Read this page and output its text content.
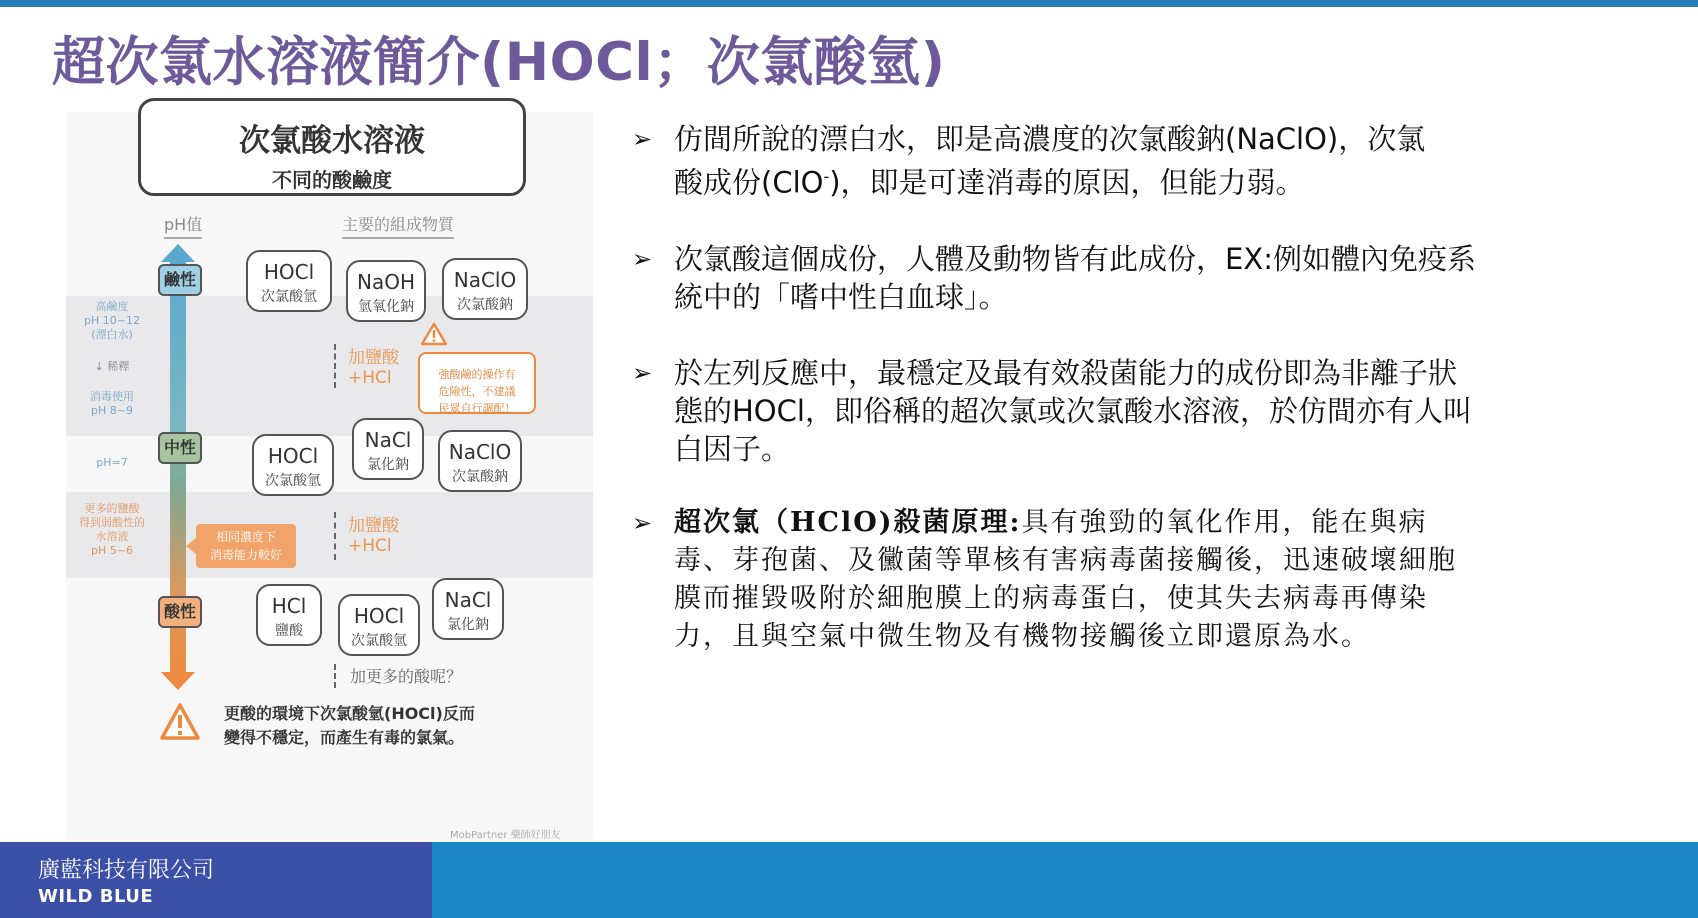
超次氯水溶液簡介(HOCl；次氯酸氫)
次氯酸水溶液
不同的酸鹼度
pH值	主要的組成物質
鹼性
中性
酸性
高鹼度
pH 10~12
(漂白水)
↓ 稀釋
消毒使用
pH 8~9
pH=7
更多的鹽酸
得到弱酸性的
水溶液
pH 5~6
HOCl
次氯酸氫
NaOH
氫氧化鈉
NaClO
次氯酸鈉
加鹽酸
+HCl	強酸鹼的操作有
危險性，不建議
民眾自行調配！
HOCl
次氯酸氫
NaCl
氯化鈉
NaClO
次氯酸鈉
相同濃度下
消毒能力較好
加鹽酸
+HCl
HCl
鹽酸
HOCl
次氯酸氫
NaCl
氯化鈉
加更多的酸呢？
更酸的環境下次氯酸氫(HOCl)反而
變得不穩定，而產生有毒的氯氣。
MobPartner 藥師好朋友
➢ 仿間所說的漂白水，即是高濃度的次氯酸鈉(NaClO)，次氯
酸成份(ClO-)，即是可達消毒的原因，但能力弱。
➢ 次氯酸這個成份，人體及動物皆有此成份，EX:例如體內免疫系統中的「嗜中性白血球」。
➢ 於左列反應中，最穩定及最有效殺菌能力的成份即為非離子狀態的HOCl，即俗稱的超次氯或次氯酸水溶液，於仿間亦有人叫白因子。
➢ 超次氯（HClO)殺菌原理:具有強勁的氧化作用，能在與病毒、芽孢菌、及黴菌等單核有害病毒菌接觸後，迅速破壞細胞膜而摧毀吸附於細胞膜上的病毒蛋白，使其失去病毒再傳染力，且與空氣中微生物及有機物接觸後立即還原為水。
廣藍科技有限公司
WILD BLUE
